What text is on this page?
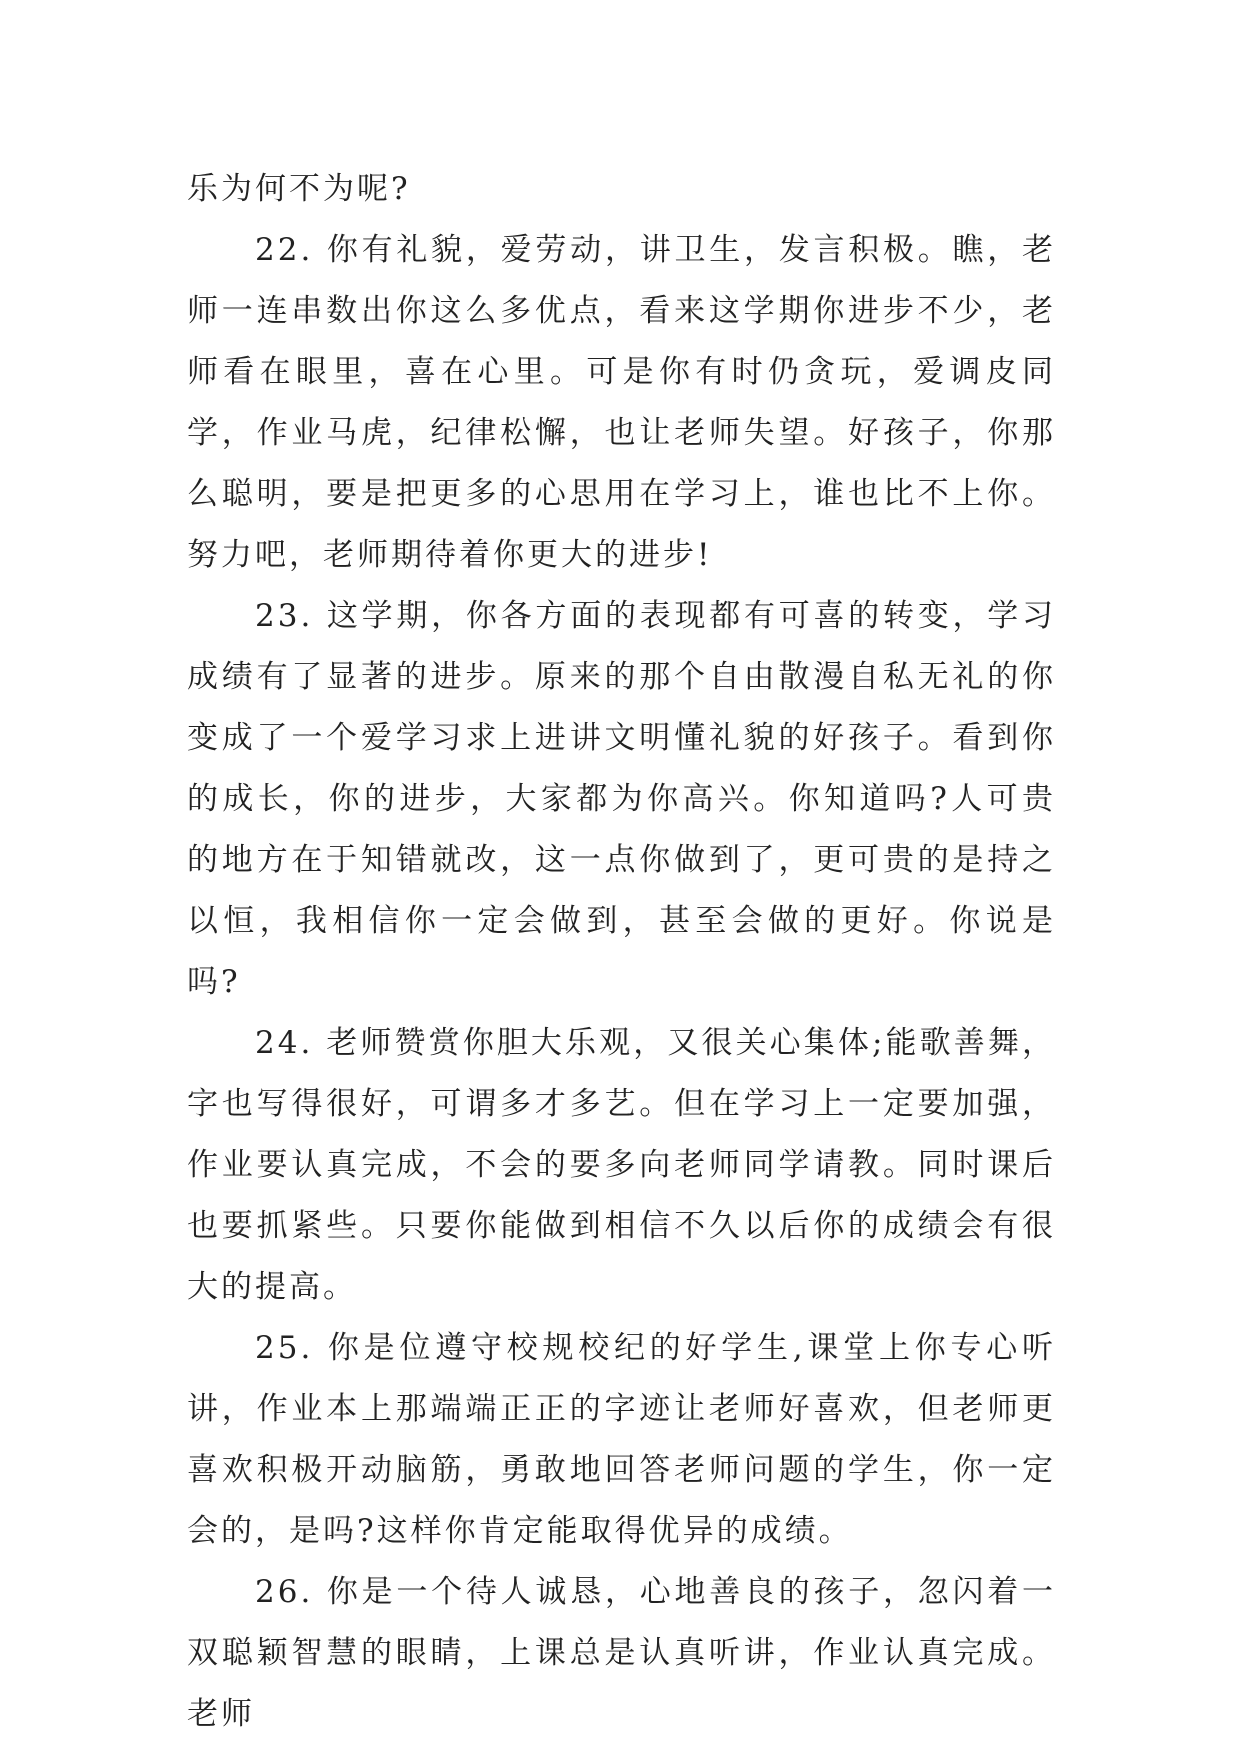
乐为何不为呢?

22. 你有礼貌，爱劳动，讲卫生，发言积极。瞧，老师一连串数出你这么多优点，看来这学期你进步不少，老师看在眼里，喜在心里。可是你有时仍贪玩，爱调皮同学，作业马虎，纪律松懈，也让老师失望。好孩子，你那么聪明，要是把更多的心思用在学习上，谁也比不上你。努力吧，老师期待着你更大的进步!

23. 这学期，你各方面的表现都有可喜的转变，学习成绩有了显著的进步。原来的那个自由散漫自私无礼的你变成了一个爱学习求上进讲文明懂礼貌的好孩子。看到你的成长，你的进步，大家都为你高兴。你知道吗?人可贵的地方在于知错就改，这一点你做到了，更可贵的是持之以恒，我相信你一定会做到，甚至会做的更好。你说是吗?

24. 老师赞赏你胆大乐观，又很关心集体;能歌善舞，字也写得很好，可谓多才多艺。但在学习上一定要加强，作业要认真完成，不会的要多向老师同学请教。同时课后也要抓紧些。只要你能做到相信不久以后你的成绩会有很大的提高。

25. 你是位遵守校规校纪的好学生,课堂上你专心听讲，作业本上那端端正正的字迹让老师好喜欢，但老师更喜欢积极开动脑筋，勇敢地回答老师问题的学生，你一定会的，是吗?这样你肯定能取得优异的成绩。

26. 你是一个待人诚恳，心地善良的孩子，忽闪着一双聪颖智慧的眼睛，上课总是认真听讲，作业认真完成。老师
